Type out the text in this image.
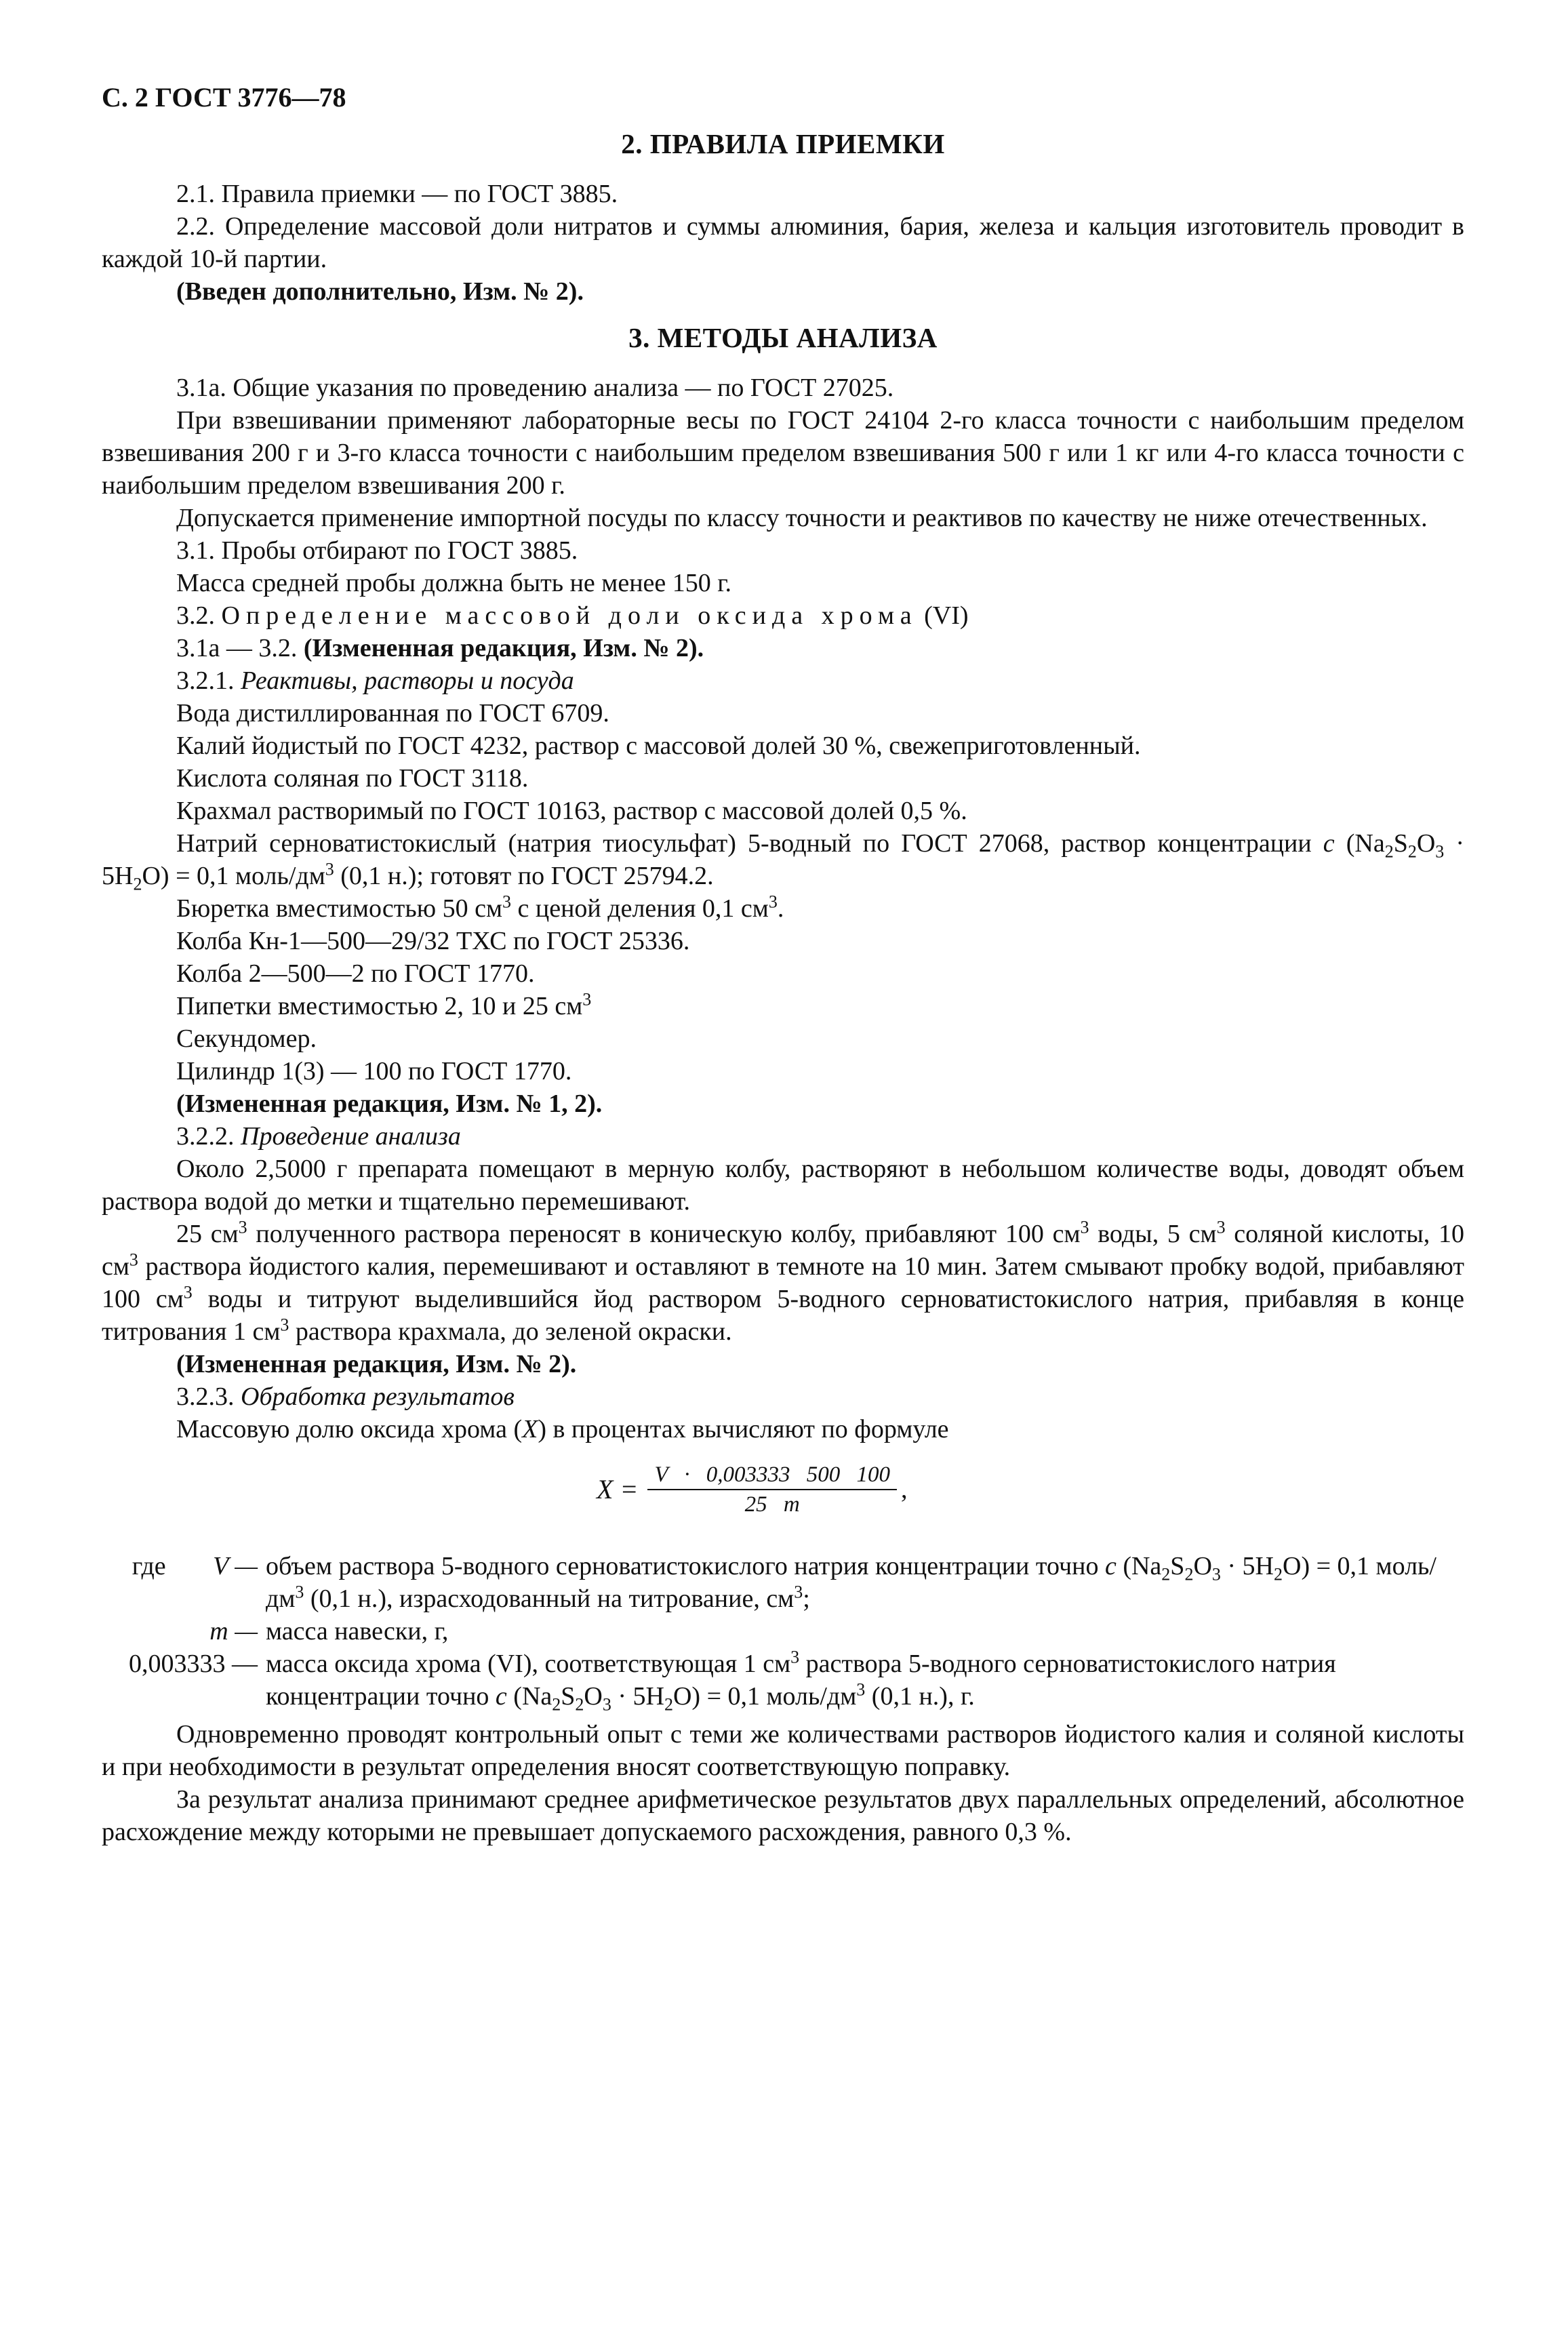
С. 2 ГОСТ 3776—78
2. ПРАВИЛА ПРИЕМКИ

2.1. Правила приемки — по ГОСТ 3885.

2.2. Определение массовой доли нитратов и суммы алюминия, бария, железа и кальция изготовитель проводит в каждой 10-й партии.

(Введен дополнительно, Изм. № 2).

3. МЕТОДЫ АНАЛИЗА

3.1а. Общие указания по проведению анализа — по ГОСТ 27025.

При взвешивании применяют лабораторные весы по ГОСТ 24104 2-го класса точности с наибольшим пределом взвешивания 200 г и 3-го класса точности с наибольшим пределом взвешивания 500 г или 1 кг или 4-го класса точности с наибольшим пределом взвешивания 200 г.

Допускается применение импортной посуды по классу точности и реактивов по качеству не ниже отечественных.

3.1. Пробы отбирают по ГОСТ 3885.

Масса средней пробы должна быть не менее 150 г.

3.2. Определение массовой доли оксида хрома (VI)

3.1а — 3.2. (Измененная редакция, Изм. № 2).

3.2.1. Реактивы, растворы и посуда

Вода дистиллированная по ГОСТ 6709.

Калий йодистый по ГОСТ 4232, раствор с массовой долей 30 %, свежеприготовленный.

Кислота соляная по ГОСТ 3118.

Крахмал растворимый по ГОСТ 10163, раствор с массовой долей 0,5 %.

Натрий серноватистокислый (натрия тиосульфат) 5-водный по ГОСТ 27068, раствор концентрации c $(Na_2S_2O_3 \cdot 5H_2O) = 0,1$ моль/$дм^3$ (0,1 н.); готовят по ГОСТ 25794.2.

Бюретка вместимостью 50 $см^3$ с ценой деления 0,1 $см^3$.

Колба Кн-1—500—29/32 ТХС по ГОСТ 25336.

Колба 2—500—2 по ГОСТ 1770.

Пипетки вместимостью 2, 10 и 25 $см^3$

Секундомер.

Цилиндр 1(3) — 100 по ГОСТ 1770.

(Измененная редакция, Изм. № 1, 2).

3.2.2. Проведение анализа

Около 2,5000 г препарата помещают в мерную колбу, растворяют в небольшом количестве воды, доводят объем раствора водой до метки и тщательно перемешивают.

25 $см^3$ полученного раствора переносят в коническую колбу, прибавляют 100 $см^3$ воды, 5 $см^3$ соляной кислоты, 10 $см^3$ раствора йодистого калия, перемешивают и оставляют в темноте на 10 мин. Затем смывают пробку водой, прибавляют 100 $см^3$ воды и титруют выделившийся йод раствором 5-водного серноватистокислого натрия, прибавляя в конце титрования 1 $см^3$ раствора крахмала, до зеленой окраски.

(Измененная редакция, Изм. № 2).

3.2.3. Обработка результатов

Массовую долю оксида хрома (X) в процентах вычисляют по формуле

$X = \frac{V \cdot 0,003333 500 100}{25 m}$ ,
где V — объем раствора 5-водного серноватистокислого натрия концентрации точно c $(Na_2S_2O_3 \cdot 5H_2O) = 0,1$ моль/$дм^3$ (0,1 н.), израсходованный на титрование, $см^3$;
m — масса навески, г,
0,003333 — масса оксида хрома (VI), соответствующая 1 $см^3$ раствора 5-водного серноватистокислого натрия концентрации точно c $(Na_2S_2O_3 \cdot 5H_2O) = 0,1$ моль/$дм^3$ (0,1 н.), г.

Одновременно проводят контрольный опыт с теми же количествами растворов йодистого калия и соляной кислоты и при необходимости в результат определения вносят соответствующую поправку.

За результат анализа принимают среднее арифметическое результатов двух параллельных определений, абсолютное расхождение между которыми не превышает допускаемого расхождения, равного 0,3 %.
